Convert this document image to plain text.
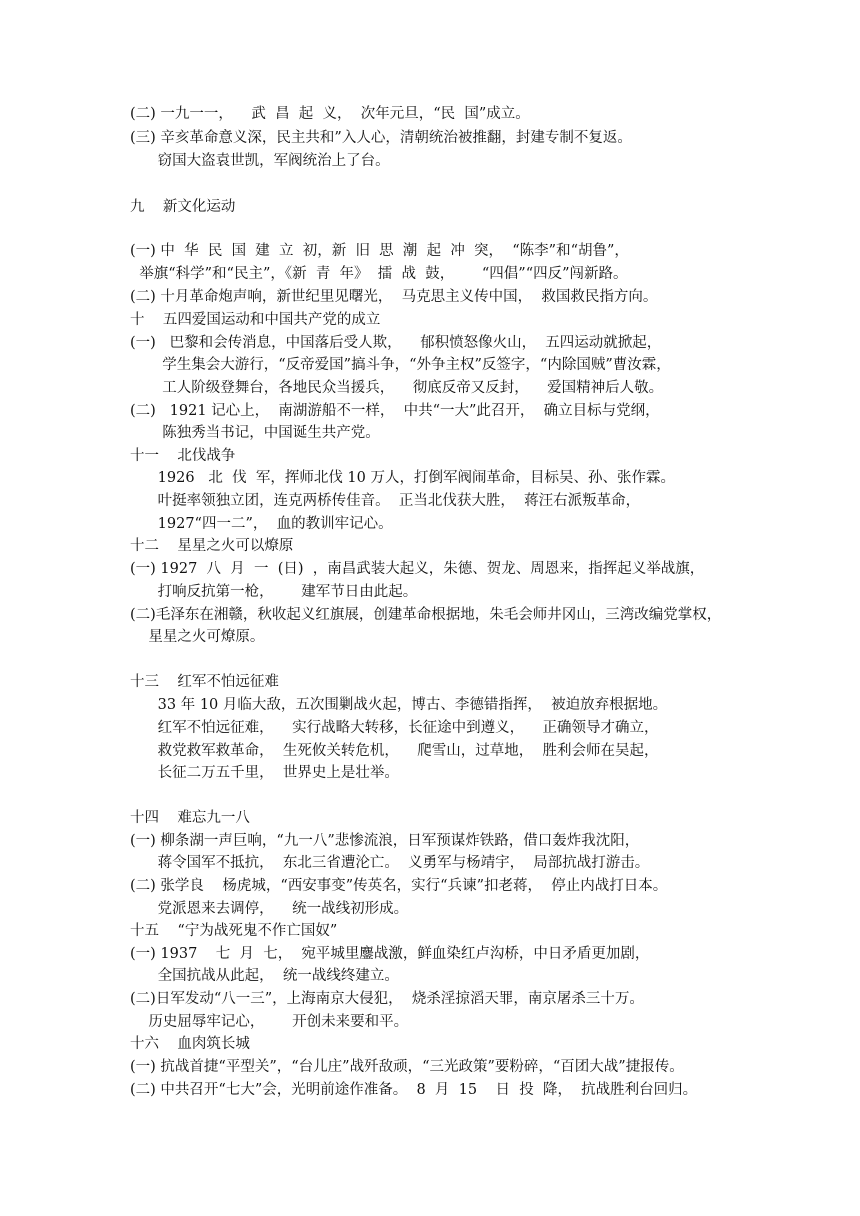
(二) 一九一一，    武  昌  起  义，  次年元旦，“民  国”成立。
(三) 辛亥革命意义深，民主共和”入人心，清朝统治被推翻，封建专制不复返。
窃国大盗袁世凯，军阀统治上了台。
九    新文化运动
(一) 中  华  民  国  建  立  初，新  旧  思  潮  起  冲  突，  “陈李”和“胡鲁”，
举旗“科学”和“民主”，《新  青  年》  擂  战  鼓，      “四倡”“四反”闯新路。
(二) 十月革命炮声响，新世纪里见曙光，  马克思主义传中国，  救国救民指方向。
十    五四爱国运动和中国共产党的成立
(一)   巴黎和会传消息，中国落后受人欺，    郁积愤怒像火山，  五四运动就掀起，
学生集会大游行，“反帝爱国”搞斗争，“外争主权”反签字，“内除国贼”曹汝霖，
工人阶级登舞台，各地民众当援兵，    彻底反帝又反封，    爱国精神后人敬。
(二)   1921 记心上，  南湖游船不一样，  中共“一大”此召开，  确立目标与党纲，
陈独秀当书记，中国诞生共产党。
十一    北伐战争
1926   北  伐  军，挥师北伐 10 万人，打倒军阀闹革命，目标吴、孙、张作霖。
叶挺率领独立团，连克两桥传佳音。  正当北伐获大胜，  蒋汪右派叛革命，
1927“四一二”，  血的教训牢记心。
十二    星星之火可以燎原
(一) 1927  八  月  一  (日)  ，南昌武装大起义，朱德、贺龙、周恩来，指挥起义举战旗，
打响反抗第一枪，      建军节日由此起。
(二)毛泽东在湘赣，秋收起义红旗展，创建革命根据地，朱毛会师井冈山，三湾改编党掌权，
星星之火可燎原。
十三    红军不怕远征难
33 年 10 月临大敌，五次围剿战火起，博古、李德错指挥，  被迫放弃根据地。
红军不怕远征难，    实行战略大转移，长征途中到遵义，    正确领导才确立，
救党救军救革命，  生死攸关转危机，    爬雪山，过草地，  胜利会师在吴起，
长征二万五千里，  世界史上是壮举。
十四    难忘九一八
(一) 柳条湖一声巨响，“九一八”悲惨流浪，日军预谋炸铁路，借口轰炸我沈阳，
蒋令国军不抵抗，  东北三省遭沦亡。  义勇军与杨靖宇，  局部抗战打游击。
(二) 张学良    杨虎城，“西安事变”传英名，实行“兵谏”扣老蒋，  停止内战打日本。
党派恩来去调停，    统一战线初形成。
十五    “宁为战死鬼不作亡国奴”
(一) 1937    七  月  七，  宛平城里鏖战激，鲜血染红卢沟桥，中日矛盾更加剧，
全国抗战从此起，  统一战线终建立。
(二)日军发动“八一三”，上海南京大侵犯，  烧杀淫掠滔天罪，南京屠杀三十万。
历史屈辱牢记心，      开创未来要和平。
十六    血肉筑长城
(一) 抗战首捷“平型关”，“台儿庄”战歼敌顽，“三光政策”要粉碎，“百团大战”捷报传。
(二) 中共召开“七大”会，光明前途作准备。  8  月  15    日  投  降，  抗战胜利台回归。
